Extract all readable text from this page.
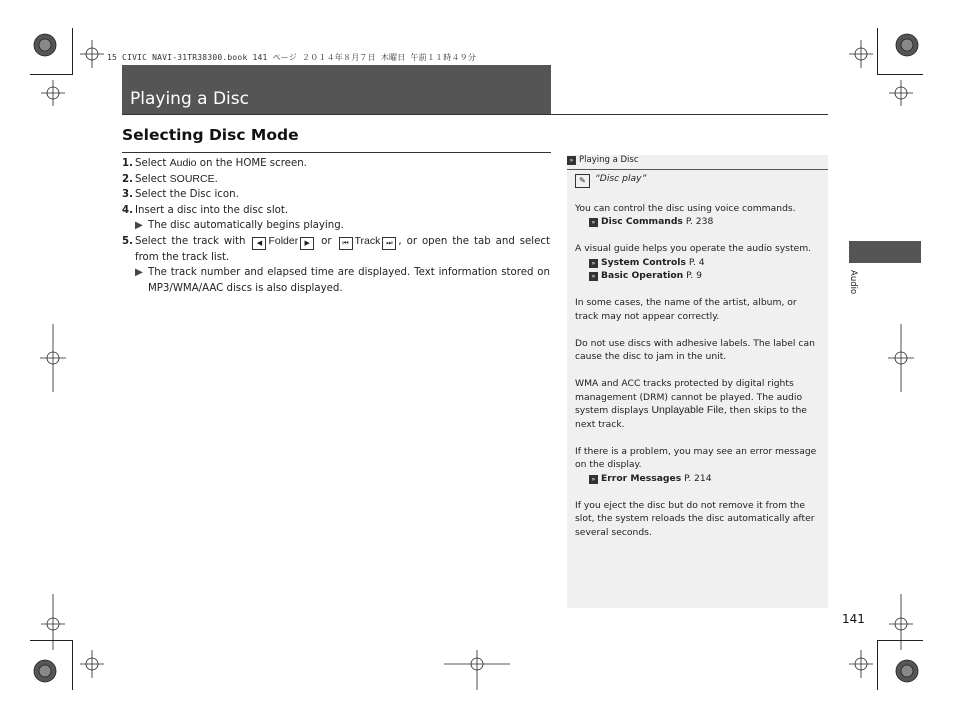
15 CIVIC NAVI-31TR38300.book 141 ページ ２０１４年８月７日 木曜日 午前１１時４９分
Playing a Disc
Selecting Disc Mode
1. Select Audio on the HOME screen.
2. Select SOURCE.
3. Select the Disc icon.
4. Insert a disc into the disc slot.
▶ The disc automatically begins playing.
5. Select the track with ◀ Folder ▶ or ⏮ Track ⏭ , or open the tab and select from the track list.
▶ The track number and elapsed time are displayed. Text information stored on MP3/WMA/AAC discs is also displayed.
» Playing a Disc

✎ “Disc play”

You can control the disc using voice commands.
» Disc Commands P. 238

A visual guide helps you operate the audio system.
» System Controls P. 4
» Basic Operation P. 9

In some cases, the name of the artist, album, or track may not appear correctly.

Do not use discs with adhesive labels. The label can cause the disc to jam in the unit.

WMA and ACC tracks protected by digital rights management (DRM) cannot be played. The audio system displays Unplayable File, then skips to the next track.

If there is a problem, you may see an error message on the display.
» Error Messages P. 214

If you eject the disc but do not remove it from the slot, the system reloads the disc automatically after several seconds.

Audio
141
